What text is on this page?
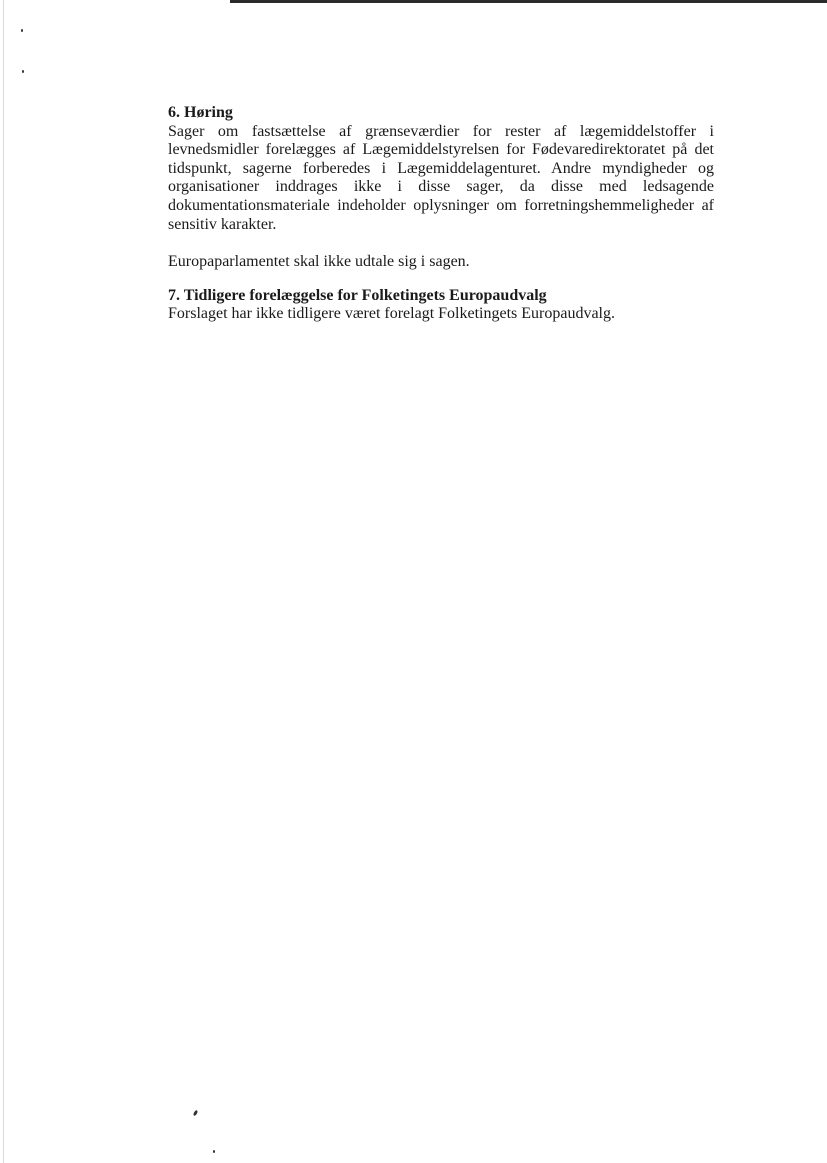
6. Høring

Sager om fastsættelse af grænseværdier for rester af lægemiddelstoffer i levnedsmidler forelægges af Lægemiddelstyrelsen for Fødevaredirektoratet på det tidspunkt, sagerne forberedes i Lægemiddelagenturet. Andre myndigheder og organisationer inddrages ikke i disse sager, da disse med ledsagende dokumentationsmateriale indeholder oplysninger om forretningshemmeligheder af sensitiv karakter.

Europaparlamentet skal ikke udtale sig i sagen.

7. Tidligere forelæggelse for Folketingets Europaudvalg

Forslaget har ikke tidligere været forelagt Folketingets Europaudvalg.
